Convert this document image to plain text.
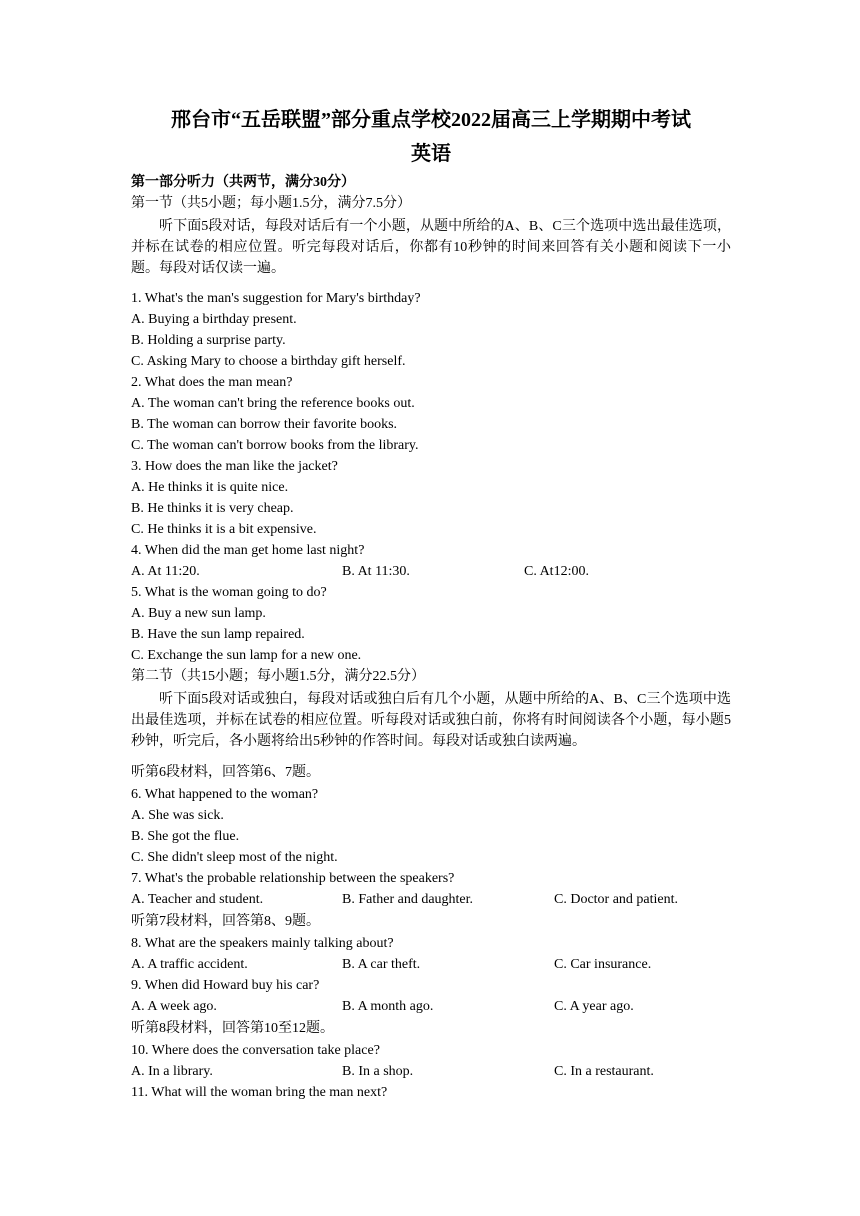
邢台市“五岳联盟”部分重点学校2022届高三上学期期中考试
英语
第一部分听力（共两节，满分30分）
第一节（共5小题；每小题1.5分，满分7.5分）
听下面5段对话，每段对话后有一个小题，从题中所给的A、B、C三个选项中选出最佳选项，并标在试卷的相应位置。听完每段对话后，你都有10秒钟的时间来回答有关小题和阅读下一小题。每段对话仅读一遍。
1. What's the man's suggestion for Mary's birthday?
A. Buying a birthday present.
B. Holding a surprise party.
C. Asking Mary to choose a birthday gift herself.
2. What does the man mean?
A. The woman can't bring the reference books out.
B. The woman can borrow their favorite books.
C. The woman can't borrow books from the library.
3. How does the man like the jacket?
A. He thinks it is quite nice.
B. He thinks it is very cheap.
C. He thinks it is a bit expensive.
4. When did the man get home last night?
A. At 11:20.	B. At 11:30.	C. At12:00.
5. What is the woman going to do?
A. Buy a new sun lamp.
B. Have the sun lamp repaired.
C. Exchange the sun lamp for a new one.
第二节（共15小题；每小题1.5分，满分22.5分）
听下面5段对话或独白，每段对话或独白后有几个小题，从题中所给的A、B、C三个选项中选出最佳选项，并标在试卷的相应位置。听每段对话或独白前，你将有时间阅读各个小题，每小题5秒钟，听完后，各小题将给出5秒钟的作答时间。每段对话或独白读两遍。
听第6段材料，回答第6、7题。
6. What happened to the woman?
A. She was sick.
B. She got the flue.
C. She didn't sleep most of the night.
7. What's the probable relationship between the speakers?
A. Teacher and student.	B. Father and daughter.	C. Doctor and patient.
听第7段材料，回答第8、9题。
8. What are the speakers mainly talking about?
A. A traffic accident.	B. A car theft.	C. Car insurance.
9. When did Howard buy his car?
A. A week ago.	B. A month ago.	C. A year ago.
听第8段材料，回答第10至12题。
10. Where does the conversation take place?
A. In a library.	B. In a shop.	C. In a restaurant.
11. What will the woman bring the man next?
